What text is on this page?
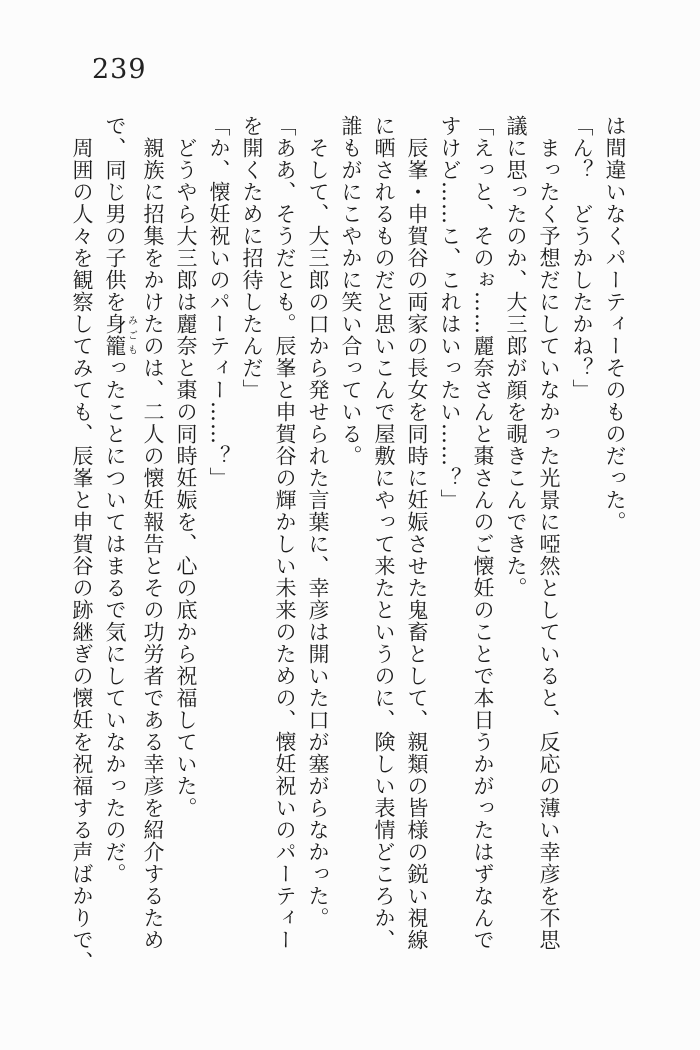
239

は間違いなくパーティーそのものだった。

「ん？　どうかしたかね？」

まったく予想だにしていなかった光景に啞然としていると、反応の薄い幸彦を不思

議に思ったのか、大三郎が顔を覗きこんできた。

「えっと、そのぉ……麗奈さんと棗さんのご懐妊のことで本日うかがったはずなんで

すけど……こ、これはいったい……？」

辰峯・申賀谷の両家の長女を同時に妊娠させた鬼畜として、親類の皆様の鋭い視線

に晒されるものだと思いこんで屋敷にやって来たというのに、険しい表情どころか、

誰もがにこやかに笑い合っている。

そして、大三郎の口から発せられた言葉に、幸彦は開いた口が塞がらなかった。

「ああ、そうだとも。辰峯と申賀谷の輝かしい未来のための、懐妊祝いのパーティー

を開くために招待したんだ」

「か、懐妊祝いのパーティー……？」

どうやら大三郎は麗奈と棗の同時妊娠を、心の底から祝福していた。

親族に招集をかけたのは、二人の懐妊報告とその功労者である幸彦を紹介するため

で、同じ男の子供を身籠みごもったことについてはまるで気にしていなかったのだ。

周囲の人々を観察してみても、辰峯と申賀谷の跡継ぎの懐妊を祝福する声ばかりで、
